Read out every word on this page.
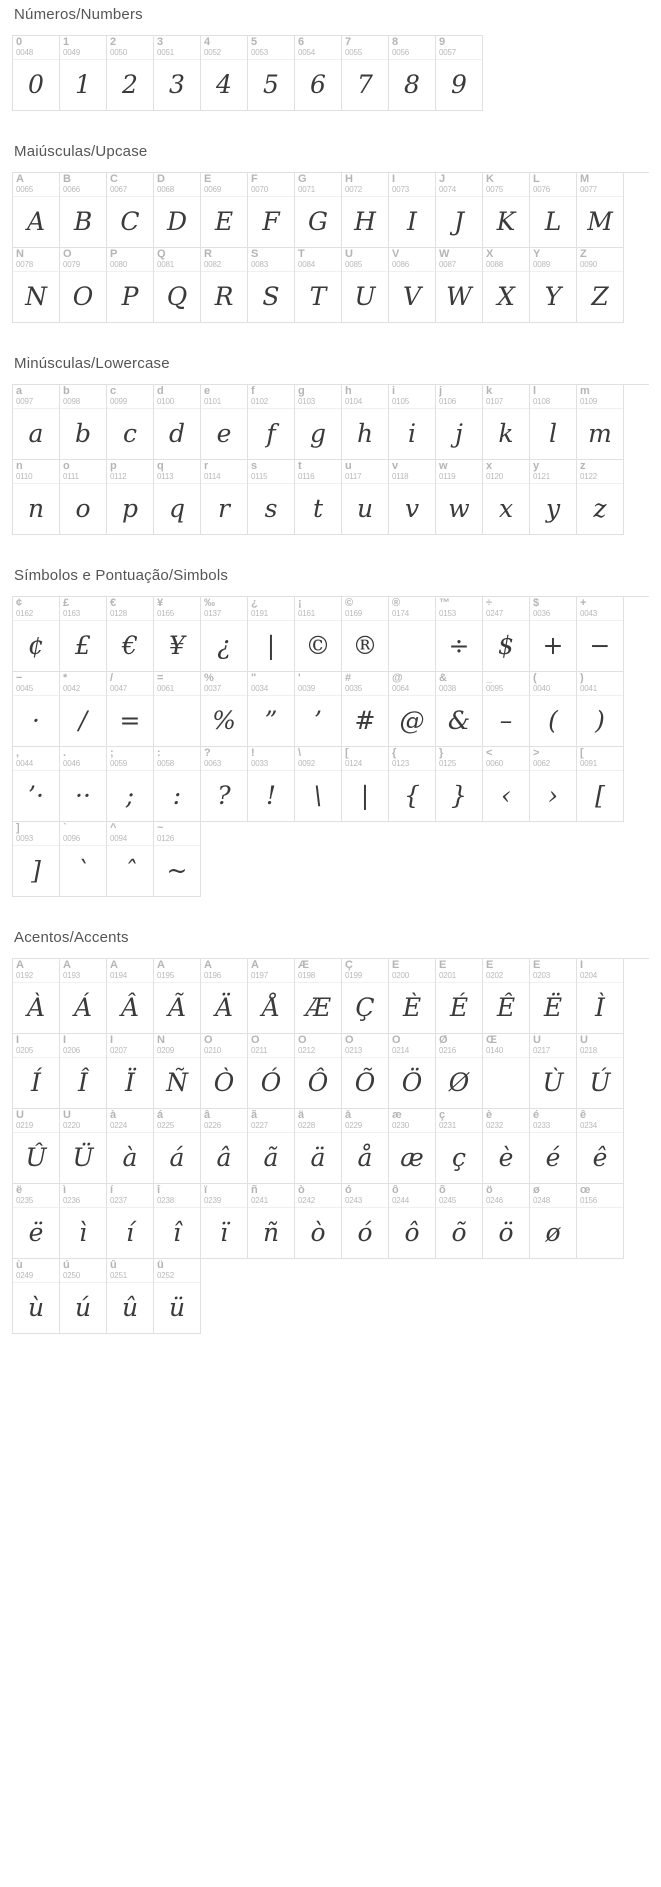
Números/Numbers
0
0048
0
1
0049
1
2
0050
2
3
0051
3
4
0052
4
5
0053
5
6
0054
6
7
0055
7
8
0056
8
9
0057
9
Maiúsculas/Upcase
A
0065
A
B
0066
B
C
0067
C
D
0068
D
E
0069
E
F
0070
F
G
0071
G
H
0072
H
I
0073
I
J
0074
J
K
0075
K
L
0076
L
M
0077
M
N
0078
N
O
0079
O
P
0080
P
Q
0081
Q
R
0082
R
S
0083
S
T
0084
T
U
0085
U
V
0086
V
W
0087
W
X
0088
X
Y
0089
Y
Z
0090
Z
Minúsculas/Lowercase
a
0097
a
b
0098
b
c
0099
c
d
0100
d
e
0101
e
f
0102
f
g
0103
g
h
0104
h
i
0105
i
j
0106
j
k
0107
k
l
0108
l
m
0109
m
n
0110
n
o
0111
o
p
0112
p
q
0113
q
r
0114
r
s
0115
s
t
0116
t
u
0117
u
v
0118
v
w
0119
w
x
0120
x
y
0121
y
z
0122
z
Símbolos e Pontuação/Simbols
¢
0162
¢
£
0163
£
€
0128
€
¥
0165
¥
‰
0137
¿
¿
0191
|
¡
0161
©
©
0169
®
®
0174
™
0153
÷
÷
0247
$
$
0036
+
+
0043
−
−
0045
·
*
0042
/
/
0047
=
=
0061
%
0037
%
"
0034
”
'
0039
’
#
0035
#
@
0064
@
&
0038
&
_
0095
–
(
0040
(
)
0041
)
,
0044
’·
.
0046
··
;
0059
;
:
0058
:
?
0063
?
!
0033
!
\
0092
\
[
0124
|
{
0123
{
}
0125
}
<
0060
‹
>
0062
›
[
0091
[
]
0093
]
`
0096
ˋ
^
0094
ˆ
~
0126
~
Acentos/Accents
À
0192
À
Á
0193
Á
Â
0194
Â
Ã
0195
Ã
Ä
0196
Ä
Å
0197
Å
Æ
0198
Æ
Ç
0199
Ç
È
0200
È
É
0201
É
Ê
0202
Ê
Ë
0203
Ë
Ì
0204
Ì
Í
0205
Í
Î
0206
Î
Ï
0207
Ï
Ñ
0209
Ñ
Ò
0210
Ò
Ó
0211
Ó
Ô
0212
Ô
Õ
0213
Õ
Ö
0214
Ö
Ø
0216
Ø
Œ
0140
Ù
0217
Ù
Ú
0218
Ú
Û
0219
Û
Ü
0220
Ü
à
0224
à
á
0225
á
â
0226
â
ã
0227
ã
ä
0228
ä
å
0229
å
æ
0230
æ
ç
0231
ç
è
0232
è
é
0233
é
ê
0234
ê
ë
0235
ë
ì
0236
ì
í
0237
í
î
0238
î
ï
0239
ï
ñ
0241
ñ
ò
0242
ò
ó
0243
ó
ô
0244
ô
õ
0245
õ
ö
0246
ö
ø
0248
ø
œ
0156
ù
0249
ù
ú
0250
ú
û
0251
û
ü
0252
ü
